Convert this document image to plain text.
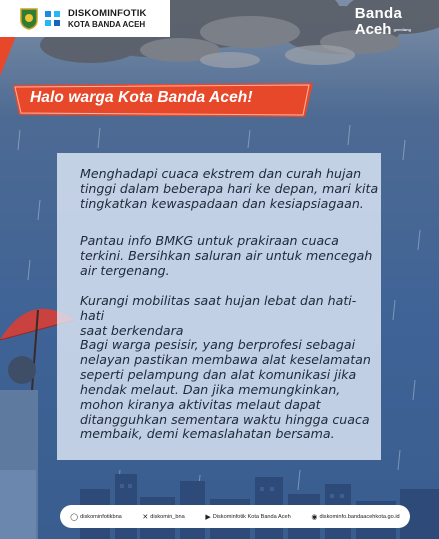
DISKOMINFOTIK
KOTA BANDA ACEH
Banda
Aceh gemilang
Halo warga Kota Banda Aceh!

Menghadapi cuaca ekstrem dan curah hujan
tinggi dalam beberapa hari ke depan, mari kita
tingkatkan kewaspadaan dan kesiapsiagaan.

Pantau info BMKG untuk prakiraan cuaca
terkini. Bersihkan saluran air untuk mencegah
air tergenang.

Kurangi mobilitas saat hujan lebat dan hati-hati
saat berkendara

Bagi warga pesisir, yang berprofesi sebagai
nelayan pastikan membawa alat keselamatan
seperti pelampung dan alat komunikasi jika
hendak melaut. Dan jika memungkinkan,
mohon kiranya aktivitas melaut dapat
ditangguhkan sementara waktu hingga cuaca
membaik, demi kemaslahatan bersama.

◯ diskominfotikbna	✕ diskomin_bna	▶ Diskominfotik Kota Banda Aceh	◉ diskominfo.bandaacehkota.go.id
